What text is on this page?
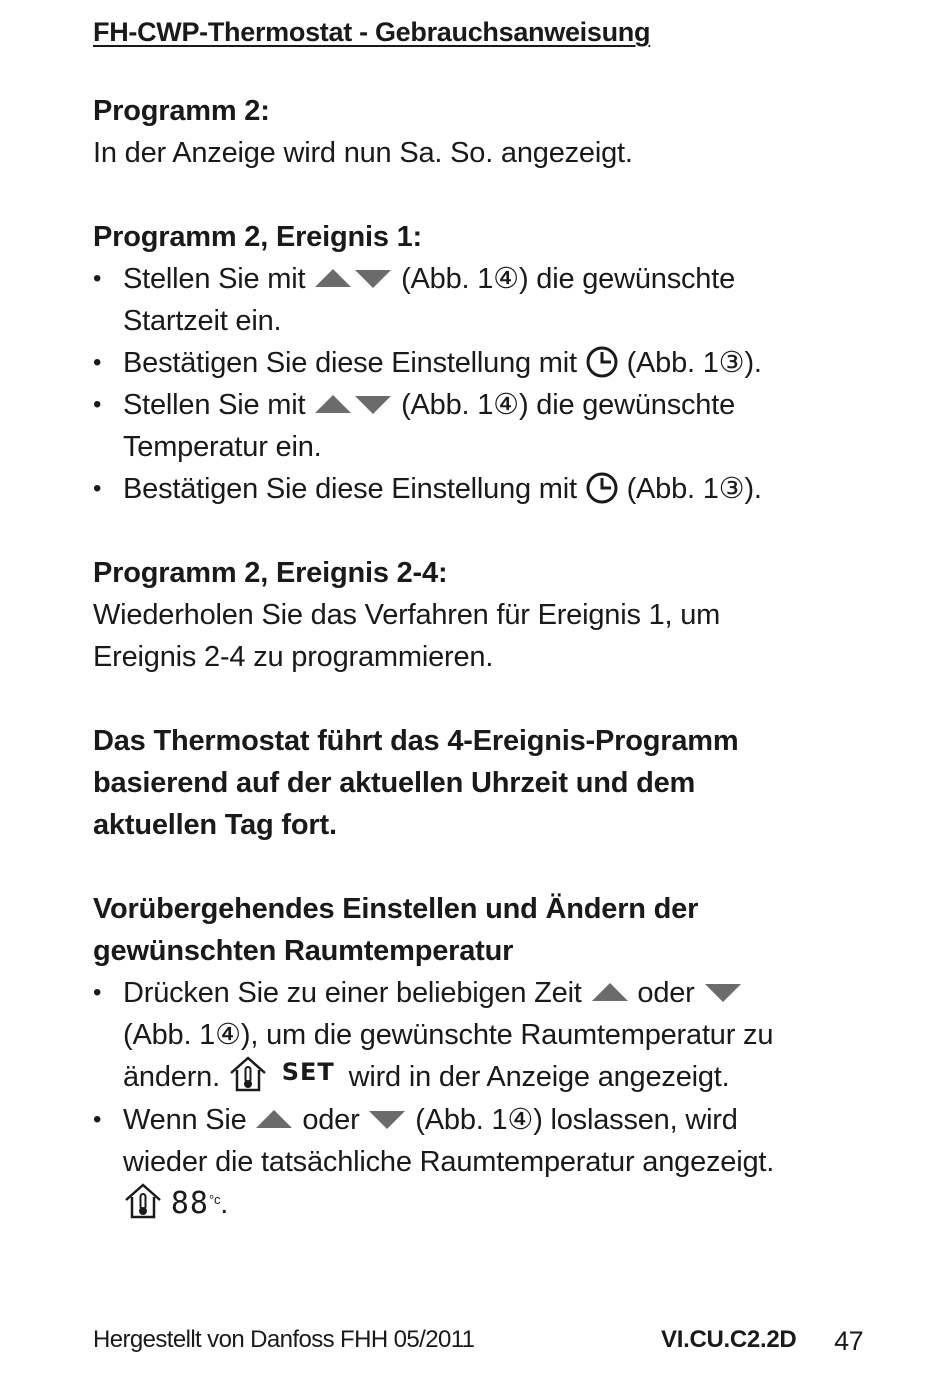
FH-CWP-Thermostat - Gebrauchsanweisung

Programm 2:

In der Anzeige wird nun Sa. So. angezeigt.

Programm 2, Ereignis 1:

• Stellen Sie mit	(Abb. 1④) die gewünschte
Startzeit ein.
• Bestätigen Sie diese Einstellung mit (Abb. 1③).
• Stellen Sie mit	(Abb. 1④) die gewünschte
Temperatur ein.
• Bestätigen Sie diese Einstellung mit (Abb. 1③).

Programm 2, Ereignis 2-4:

Wiederholen Sie das Verfahren für Ereignis 1, um

Ereignis 2-4 zu programmieren.

Das Thermostat führt das 4-Ereignis-Programm

basierend auf der aktuellen Uhrzeit und dem

aktuellen Tag fort.

Vorübergehendes Einstellen und Ändern der

gewünschten Raumtemperatur

• Drücken Sie zu einer beliebigen Zeit oder
(Abb. 1④), um die gewünschte Raumtemperatur zu
ändern.	$^{SET}$ wird in der Anzeige angezeigt.
• Wenn Sie oder (Abb. 1④) loslassen, wird
wieder die tatsächliche Raumtemperatur angezeigt.
$88^{^\circ c}$.
Hergestellt von Danfoss FHH 05/2011	VI.CU.C2.2D 47
